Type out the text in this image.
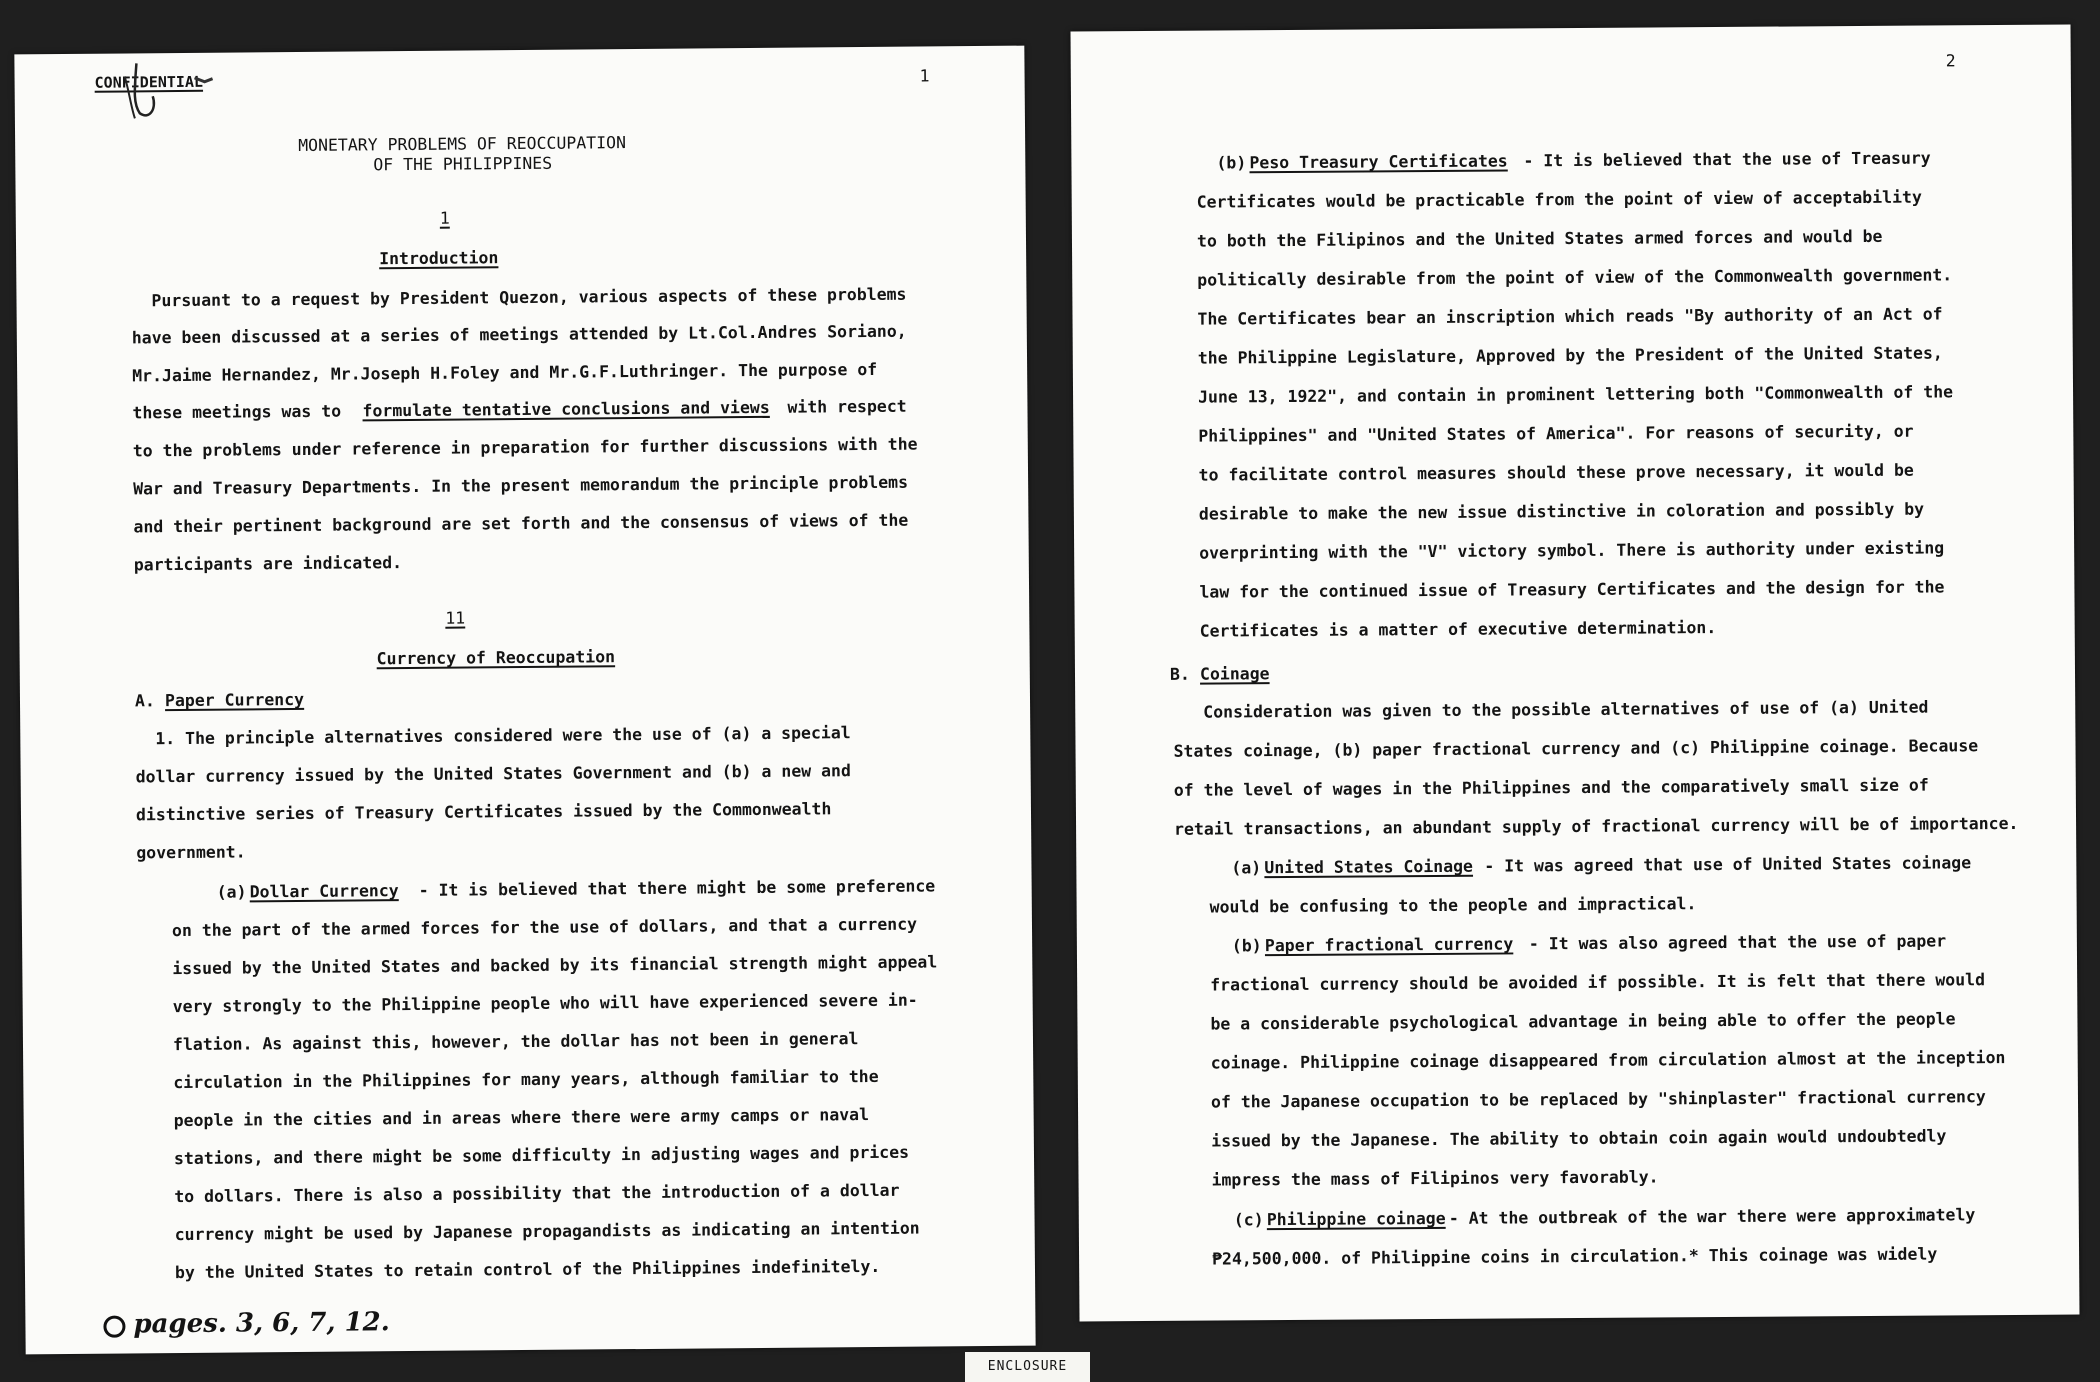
CONFIDENTIAL	1
MONETARY PROBLEMS OF REOCCUPATION
OF THE PHILIPPINES
1
Introduction
Pursuant to a request by President Quezon, various aspects of these problems
have been discussed at a series of meetings attended by Lt.Col.Andres Soriano,
Mr.Jaime Hernandez, Mr.Joseph H.Foley and Mr.G.F.Luthringer. The purpose of
these meetings was to formulate tentative conclusions and views with respect
to the problems under reference in preparation for further discussions with the
War and Treasury Departments. In the present memorandum the principle problems
and their pertinent background are set forth and the consensus of views of the
participants are indicated.
11
Currency of Reoccupation
A. Paper Currency
1. The principle alternatives considered were the use of (a) a special
dollar currency issued by the United States Government and (b) a new and
distinctive series of Treasury Certificates issued by the Commonwealth
government.
(a) Dollar Currency - It is believed that there might be some preference
on the part of the armed forces for the use of dollars, and that a currency
issued by the United States and backed by its financial strength might appeal
very strongly to the Philippine people who will have experienced severe in-
flation. As against this, however, the dollar has not been in general
circulation in the Philippines for many years, although familiar to the
people in the cities and in areas where there were army camps or naval
stations, and there might be some difficulty in adjusting wages and prices
to dollars. There is also a possibility that the introduction of a dollar
currency might be used by Japanese propagandists as indicating an intention
by the United States to retain control of the Philippines indefinitely.
pages. 3, 6, 7, 12.
2
(b) Peso Treasury Certificates - It is believed that the use of Treasury
Certificates would be practicable from the point of view of acceptability
to both the Filipinos and the United States armed forces and would be
politically desirable from the point of view of the Commonwealth government.
The Certificates bear an inscription which reads "By authority of an Act of
the Philippine Legislature, Approved by the President of the United States,
June 13, 1922", and contain in prominent lettering both "Commonwealth of the
Philippines" and "United States of America". For reasons of security, or
to facilitate control measures should these prove necessary, it would be
desirable to make the new issue distinctive in coloration and possibly by
overprinting with the "V" victory symbol. There is authority under existing
law for the continued issue of Treasury Certificates and the design for the
Certificates is a matter of executive determination.
B. Coinage
Consideration was given to the possible alternatives of use of (a) United
States coinage, (b) paper fractional currency and (c) Philippine coinage. Because
of the level of wages in the Philippines and the comparatively small size of
retail transactions, an abundant supply of fractional currency will be of importance.
(a) United States Coinage - It was agreed that use of United States coinage
would be confusing to the people and impractical.
(b) Paper fractional currency - It was also agreed that the use of paper
fractional currency should be avoided if possible. It is felt that there would
be a considerable psychological advantage in being able to offer the people
coinage. Philippine coinage disappeared from circulation almost at the inception
of the Japanese occupation to be replaced by "shinplaster" fractional currency
issued by the Japanese. The ability to obtain coin again would undoubtedly
impress the mass of Filipinos very favorably.
(c) Philippine coinage - At the outbreak of the war there were approximately
₱24,500,000. of Philippine coins in circulation.* This coinage was widely
ENCLOSURE
